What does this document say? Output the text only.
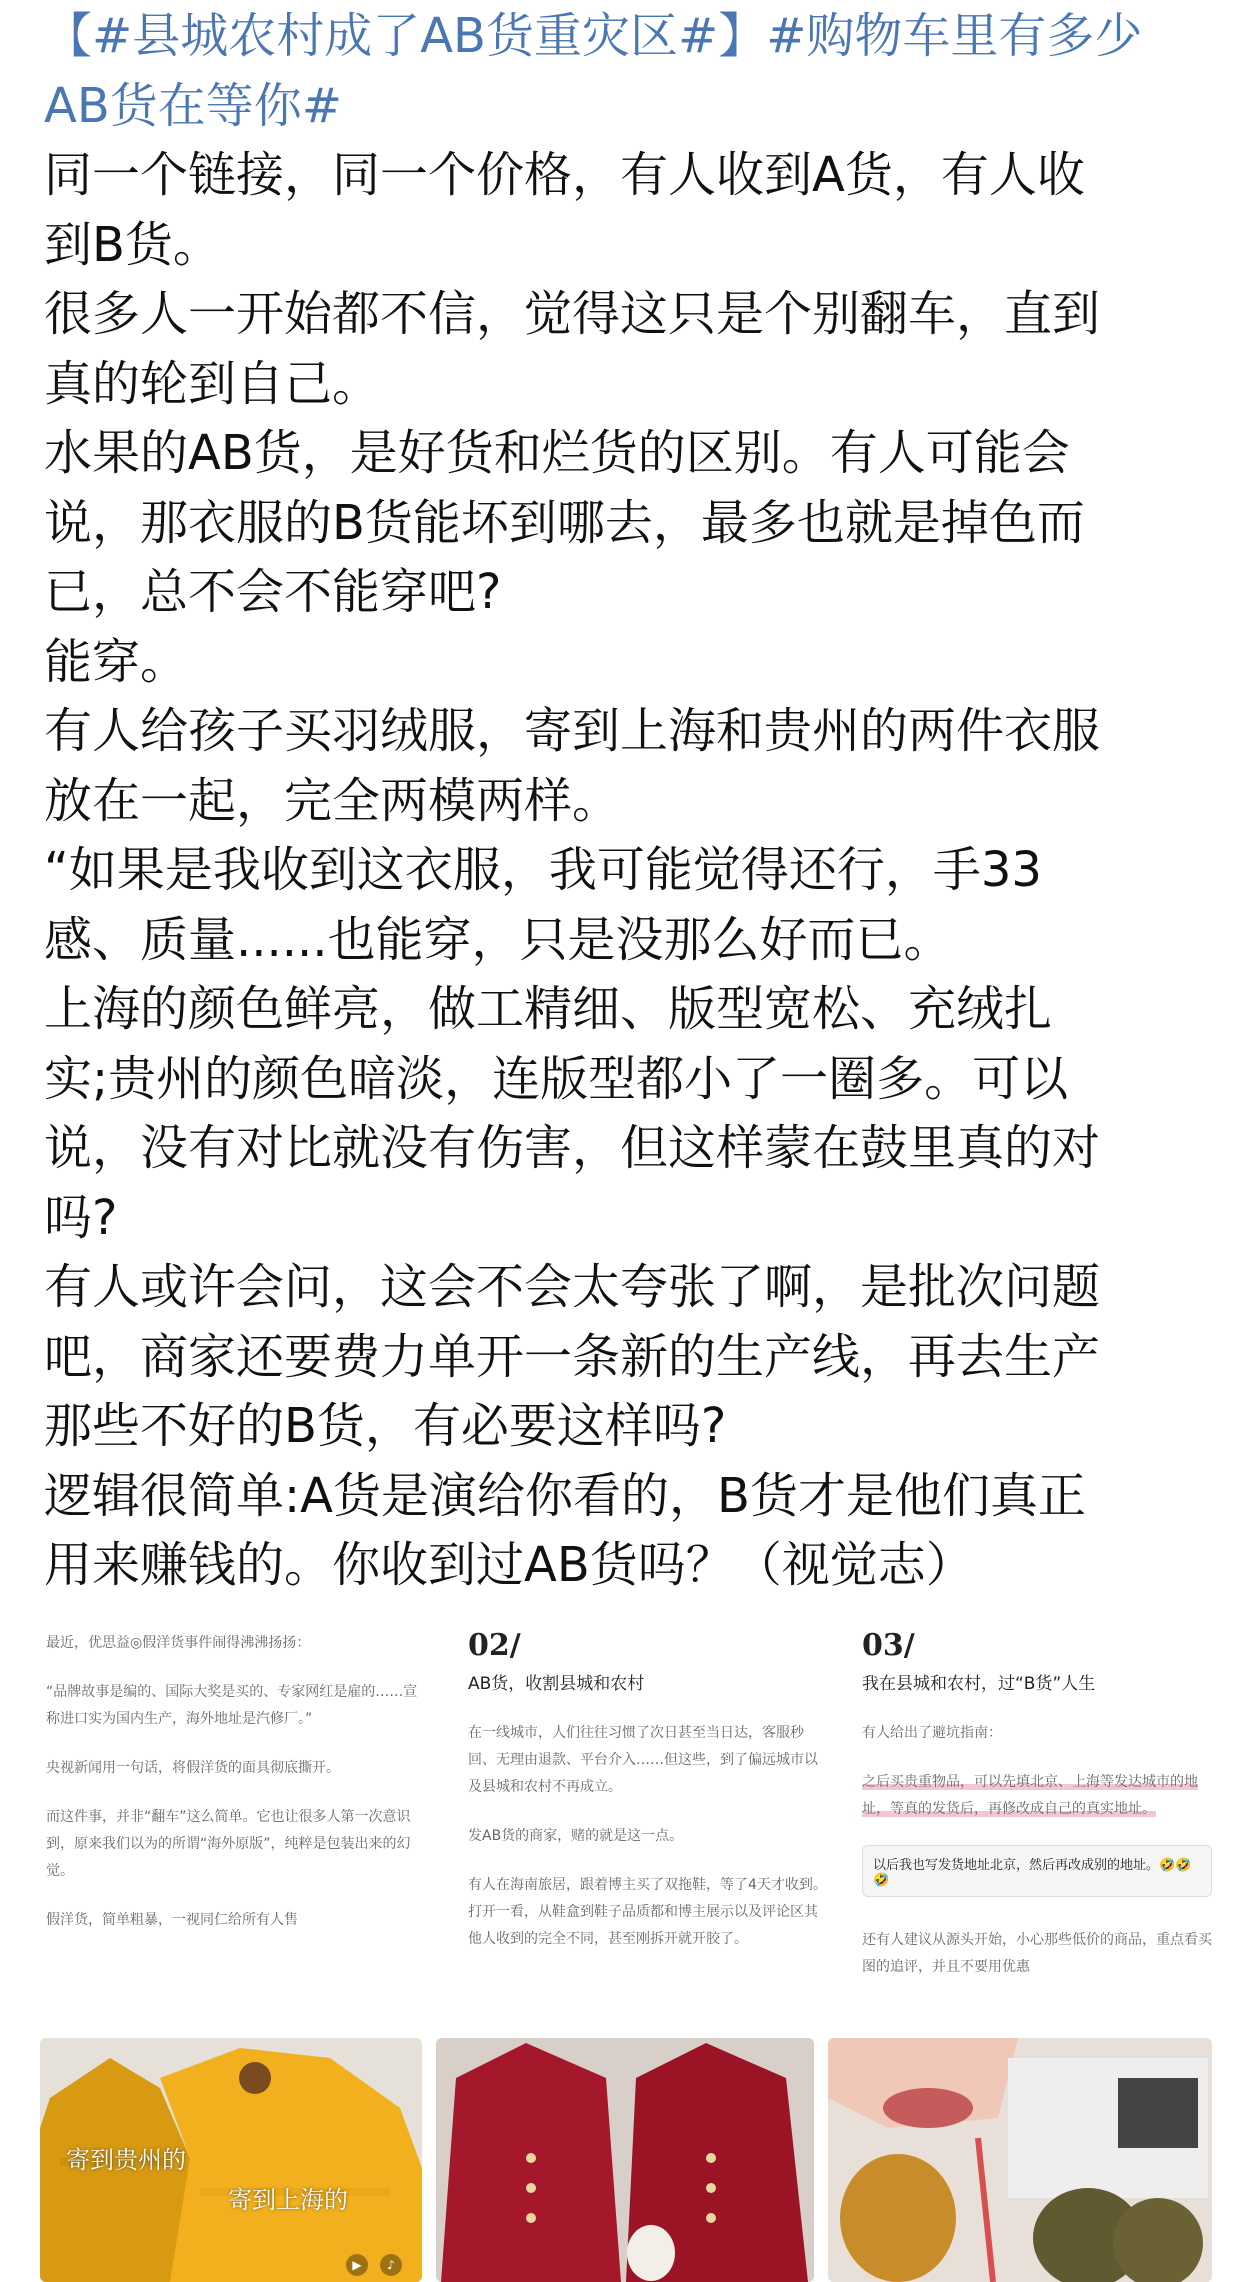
【#县城农村成了AB货重灾区#】#购物车里有多少
AB货在等你#
同一个链接，同一个价格，有人收到A货，有人收
到B货。
很多人一开始都不信，觉得这只是个别翻车，直到
真的轮到自己。
水果的AB货，是好货和烂货的区别。有人可能会
说，那衣服的B货能坏到哪去，最多也就是掉色而
已，总不会不能穿吧?
能穿。
有人给孩子买羽绒服，寄到上海和贵州的两件衣服
放在一起，完全两模两样。
“如果是我收到这衣服，我可能觉得还行，手33
感、质量......也能穿，只是没那么好而已。
上海的颜色鲜亮，做工精细、版型宽松、充绒扎
实;贵州的颜色暗淡，连版型都小了一圈多。可以
说，没有对比就没有伤害，但这样蒙在鼓里真的对
吗?
有人或许会问，这会不会太夸张了啊，是批次问题
吧，商家还要费力单开一条新的生产线，再去生产
那些不好的B货，有必要这样吗?
逻辑很简单:A货是演给你看的，B货才是他们真正
用来赚钱的。你收到过AB货吗？（视觉志）

最近，优思益◎假洋货事件闹得沸沸扬扬：

“品牌故事是编的、国际大奖是买的、专家网红是雇的……宣称进口实为国内生产，海外地址是汽修厂。”

央视新闻用一句话，将假洋货的面具彻底撕开。

而这件事，并非“翻车”这么简单。它也让很多人第一次意识到，原来我们以为的所谓“海外原版”，纯粹是包装出来的幻觉。

假洋货，简单粗暴，一视同仁给所有人售

02/
AB货，收割县城和农村

在一线城市，人们往往习惯了次日甚至当日达，客服秒回、无理由退款、平台介入……但这些，到了偏远城市以及县城和农村不再成立。

发AB货的商家，赌的就是这一点。

有人在海南旅居，跟着博主买了双拖鞋，等了4天才收到。打开一看，从鞋盒到鞋子品质都和博主展示以及评论区其他人收到的完全不同，甚至刚拆开就开胶了。

03/
我在县城和农村，过“B货”人生

有人给出了避坑指南：

之后买贵重物品，可以先填北京、上海等发达城市的地址，等真的发货后，再修改成自己的真实地址。

以后我也写发货地址北京，然后再改成别的地址。🤣🤣🤣

还有人建议从源头开始，小心那些低价的商品，重点看买图的追评，并且不要用优惠

寄到贵州的
寄到上海的
▶	♪
